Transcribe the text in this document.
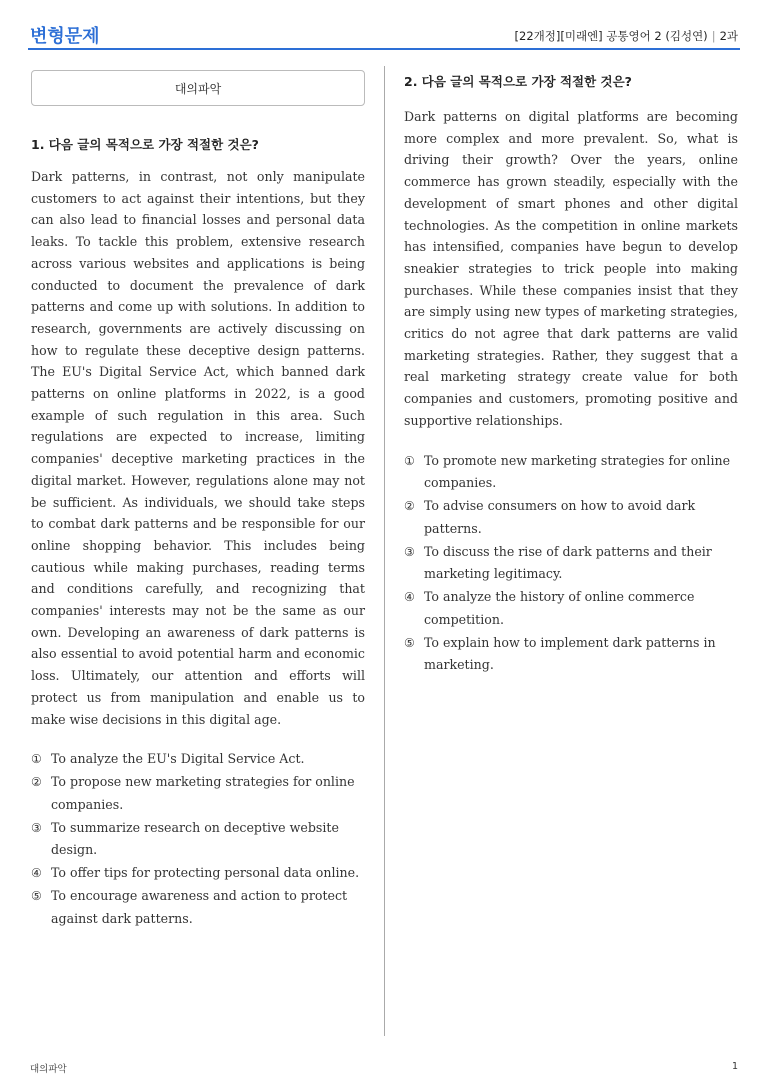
변형문제	[22개정][미래엔] 공통영어 2 (김성연) | 2과
대의파악
1. 다음 글의 목적으로 가장 적절한 것은?
Dark patterns, in contrast, not only manipulate customers to act against their intentions, but they can also lead to financial losses and personal data leaks. To tackle this problem, extensive research across various websites and applications is being conducted to document the prevalence of dark patterns and come up with solutions. In addition to research, governments are actively discussing on how to regulate these deceptive design patterns. The EU's Digital Service Act, which banned dark patterns on online platforms in 2022, is a good example of such regulation in this area. Such regulations are expected to increase, limiting companies' deceptive marketing practices in the digital market. However, regulations alone may not be sufficient. As individuals, we should take steps to combat dark patterns and be responsible for our online shopping behavior. This includes being cautious while making purchases, reading terms and conditions carefully, and recognizing that companies' interests may not be the same as our own. Developing an awareness of dark patterns is also essential to avoid potential harm and economic loss. Ultimately, our attention and efforts will protect us from manipulation and enable us to make wise decisions in this digital age.
① To analyze the EU's Digital Service Act.
② To propose new marketing strategies for online companies.
③ To summarize research on deceptive website design.
④ To offer tips for protecting personal data online.
⑤ To encourage awareness and action to protect against dark patterns.
2. 다음 글의 목적으로 가장 적절한 것은?
Dark patterns on digital platforms are becoming more complex and more prevalent. So, what is driving their growth? Over the years, online commerce has grown steadily, especially with the development of smart phones and other digital technologies. As the competition in online markets has intensified, companies have begun to develop sneakier strategies to trick people into making purchases. While these companies insist that they are simply using new types of marketing strategies, critics do not agree that dark patterns are valid marketing strategies. Rather, they suggest that a real marketing strategy create value for both companies and customers, promoting positive and supportive relationships.
① To promote new marketing strategies for online companies.
② To advise consumers on how to avoid dark patterns.
③ To discuss the rise of dark patterns and their marketing legitimacy.
④ To analyze the history of online commerce competition.
⑤ To explain how to implement dark patterns in marketing.
대의파악	1
